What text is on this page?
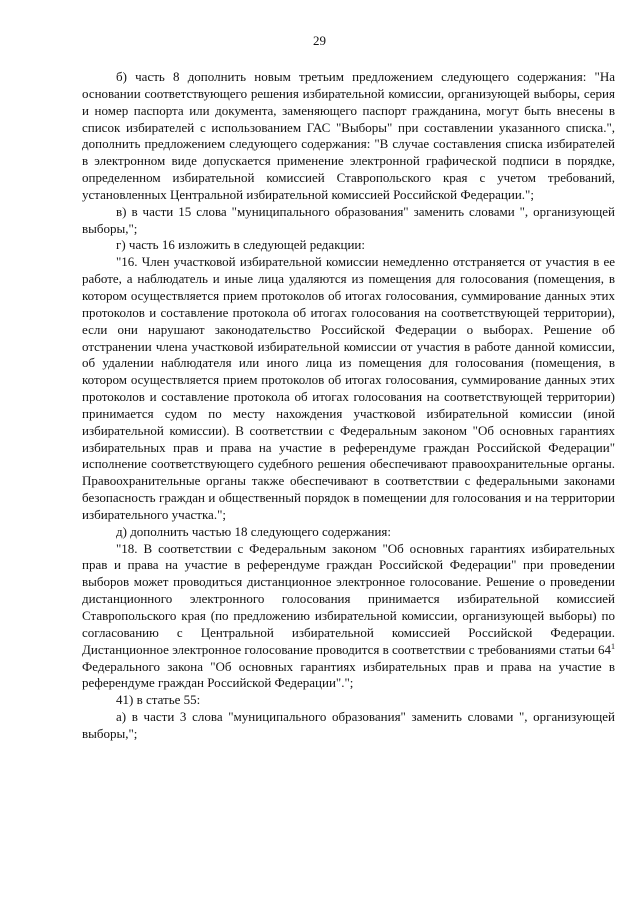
29

б) часть 8 дополнить новым третьим предложением следующего содержания: "На основании соответствующего решения избирательной комиссии, организующей выборы, серия и номер паспорта или документа, заменяющего паспорт гражданина, могут быть внесены в список избирателей с использованием ГАС "Выборы" при составлении указанного списка.", дополнить предложением следующего содержания: "В случае составления списка избирателей в электронном виде допускается применение электронной графической подписи в порядке, определенном избирательной комиссией Ставропольского края с учетом требований, установленных Центральной избирательной комиссией Российской Федерации.";

в) в части 15 слова "муниципального образования" заменить словами ", организующей выборы,";

г) часть 16 изложить в следующей редакции:

"16. Член участковой избирательной комиссии немедленно отстраняется от участия в ее работе, а наблюдатель и иные лица удаляются из помещения для голосования (помещения, в котором осуществляется прием протоколов об итогах голосования, суммирование данных этих протоколов и составление протокола об итогах голосования на соответствующей территории), если они нарушают законодательство Российской Федерации о выборах. Решение об отстранении члена участковой избирательной комиссии от участия в работе данной комиссии, об удалении наблюдателя или иного лица из помещения для голосования (помещения, в котором осуществляется прием протоколов об итогах голосования, суммирование данных этих протоколов и составление протокола об итогах голосования на соответствующей территории) принимается судом по месту нахождения участковой избирательной комиссии (иной избирательной комиссии). В соответствии с Федеральным законом "Об основных гарантиях избирательных прав и права на участие в референдуме граждан Российской Федерации" исполнение соответствующего судебного решения обеспечивают правоохранительные органы. Правоохранительные органы также обеспечивают в соответствии с федеральными законами безопасность граждан и общественный порядок в помещении для голосования и на территории избирательного участка.";

д) дополнить частью 18 следующего содержания:

"18. В соответствии с Федеральным законом "Об основных гарантиях избирательных прав и права на участие в референдуме граждан Российской Федерации" при проведении выборов может проводиться дистанционное электронное голосование. Решение о проведении дистанционного электронного голосования принимается избирательной комиссией Ставропольского края (по предложению избирательной комиссии, организующей выборы) по согласованию с Центральной избирательной комиссией Российской Федерации. Дистанционное электронное голосование проводится в соответствии с требованиями статьи $64^1$ Федерального закона "Об основных гарантиях избирательных прав и права на участие в референдуме граждан Российской Федерации".";

41) в статье 55:

а) в части 3 слова "муниципального образования" заменить словами ", организующей выборы,";
